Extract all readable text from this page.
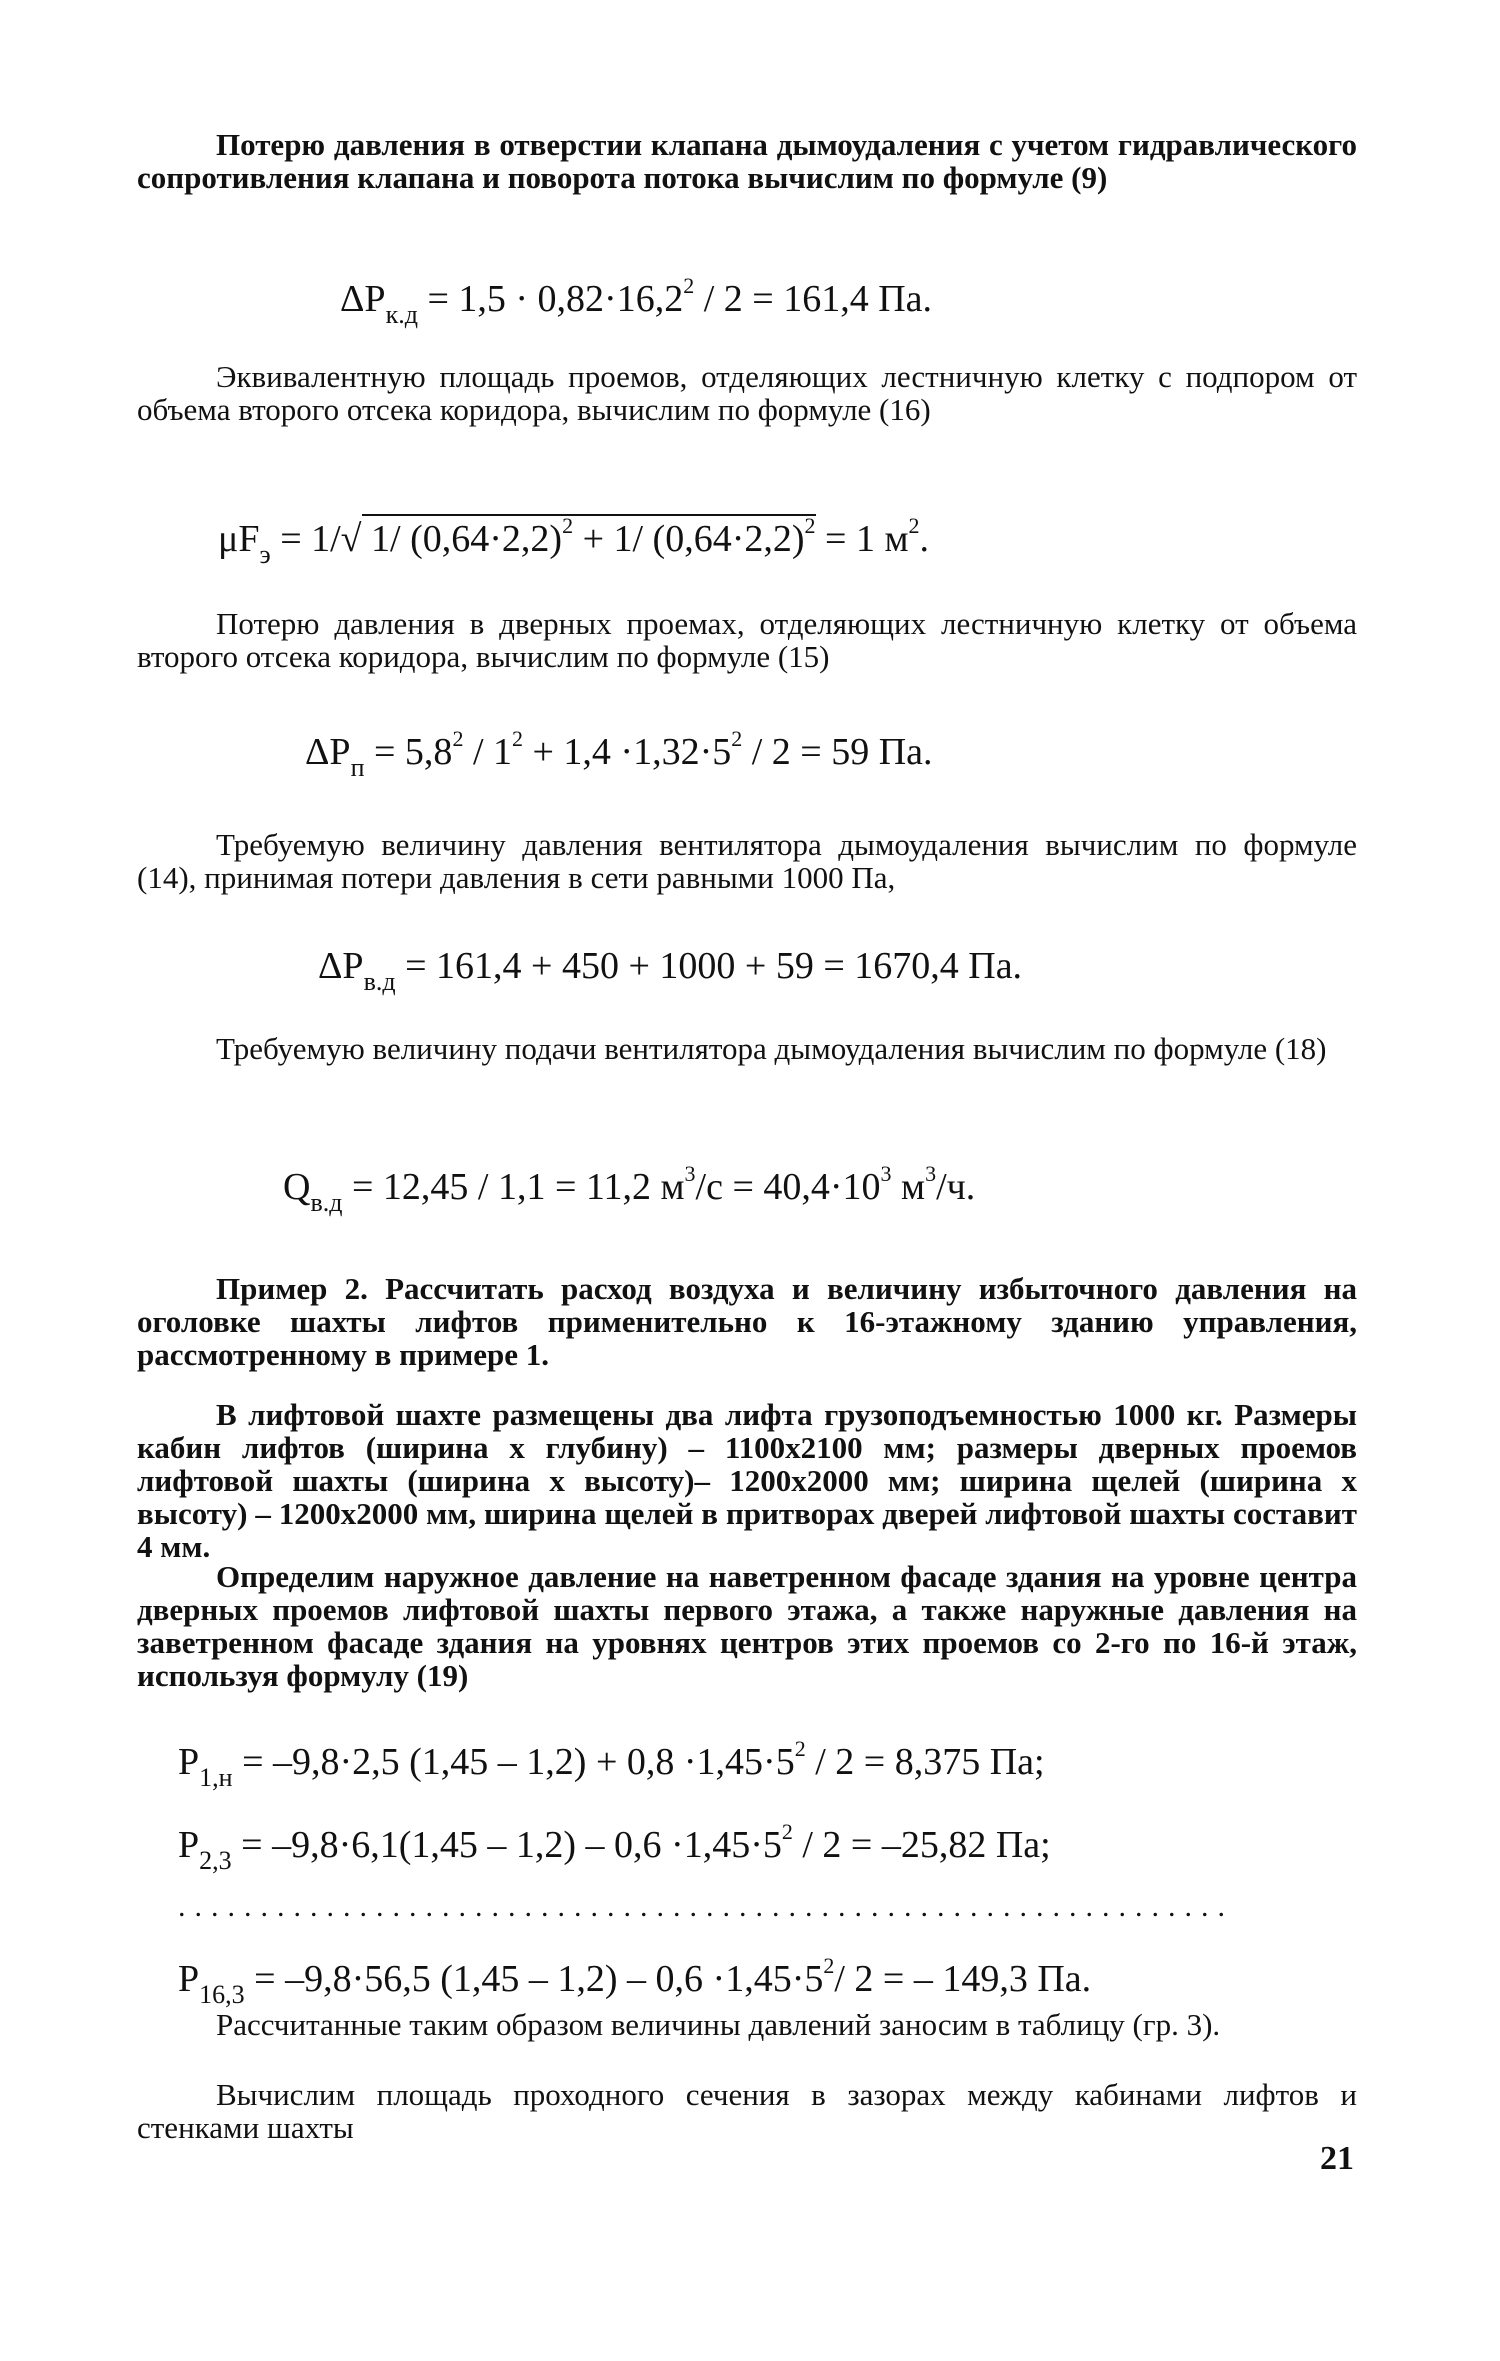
Потерю давления в отверстии клапана дымоудаления с учетом гидравлического сопротивления клапана и поворота потока вычислим по формуле (9)
$\Delta P_{к.д} = 1,5 \cdot 0,82\cdot 16,2^2 / 2 = 161,4$ Па.
Эквивалентную площадь проемов, отделяющих лестничную клетку с подпором от объема второго отсека коридора, вычислим по формуле (16)
$\mu F_э = 1/√$ 1/ $(0,64\cdot 2,2)^2 + 1/$ $(0,64\cdot 2,2)^2 = 1$ $м^2$.
Потерю давления в дверных проемах, отделяющих лестничную клетку от объема второго отсека коридора, вычислим по формуле (15)
$\Delta P_п = 5,8^2 / 1^2 + 1,4 \cdot 1,32\cdot 5^2 / 2 = 59$ Па.
Требуемую величину давления вентилятора дымоудаления вычислим по формуле (14), принимая потери давления в сети равными 1000 Па,
$\Delta P_{в.д} = 161,4 + 450 + 1000 + 59 = 1670,4$ Па.
Требуемую величину подачи вентилятора дымоудаления вычислим по формуле (18)
$Q_{в.д} = 12,45 / 1,1 = 11,2$ $м^3/с = 40,4\cdot 10^3$ $м^3/ч$.
Пример 2. Рассчитать расход воздуха и величину избыточного давления на оголовке шахты лифтов применительно к 16-этажному зданию управления, рассмотренному в примере 1.
В лифтовой шахте размещены два лифта грузоподъемностью 1000 кг. Размеры кабин лифтов (ширина х глубину) – 1100х2100 мм; размеры дверных проемов лифтовой шахты (ширина х высоту)– 1200х2000 мм; ширина щелей (ширина х высоту) – 1200х2000 мм, ширина щелей в притворах дверей лифтовой шахты составит 4 мм.
Определим наружное давление на наветренном фасаде здания на уровне центра дверных проемов лифтовой шахты первого этажа, а также наружные давления на заветренном фасаде здания на уровнях центров этих проемов со 2-го по 16-й этаж, используя формулу (19)
$P_{1,н} = -9,8\cdot 2,5$ $(1,45 - 1,2) + 0,8 \cdot 1,45\cdot 5^2 / 2 = 8,375$ Па;
$P_{2,3} = -9,8\cdot 6,1(1,45 - 1,2) - 0,6 \cdot 1,45\cdot 5^2 / 2 = -25,82$ Па;
................................................................
$P_{16,3} = -9,8\cdot 56,5$ $(1,45 - 1,2) - 0,6 \cdot 1,45\cdot 5^2/$ 2 = – 149,3 Па.
Рассчитанные таким образом величины давлений заносим в таблицу (гр. 3).
Вычислим площадь проходного сечения в зазорах между кабинами лифтов и стенками шахты
21
